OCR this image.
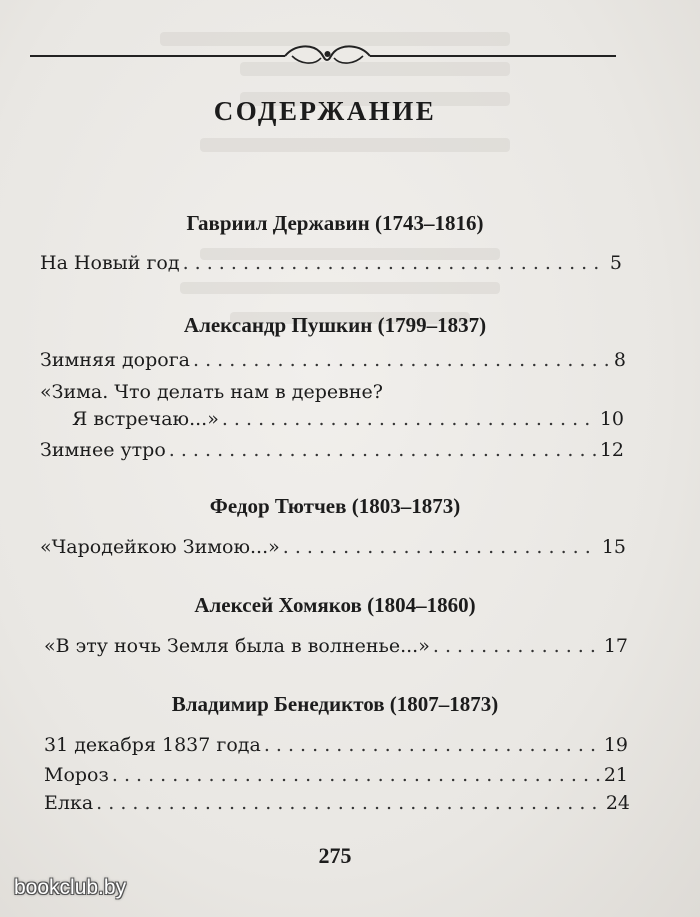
СОДЕРЖАНИЕ
Гавриил Державин (1743–1816)
На Новый год . . .	5
Александр Пушкин (1799–1837)
Зимняя дорога . . .	8
«Зима. Что делать нам в деревне?
Я встречаю...» . . .	10
Зимнее утро . . .	12
Федор Тютчев (1803–1873)
«Чародейкою Зимою...» . . .	15
Алексей Хомяков (1804–1860)
«В эту ночь Земля была в волненье...» . . .	17
Владимир Бенедиктов (1807–1873)
31 декабря 1837 года . . .	19
Мороз . . .	21
Елка . . .	24
275
bookclub.by
